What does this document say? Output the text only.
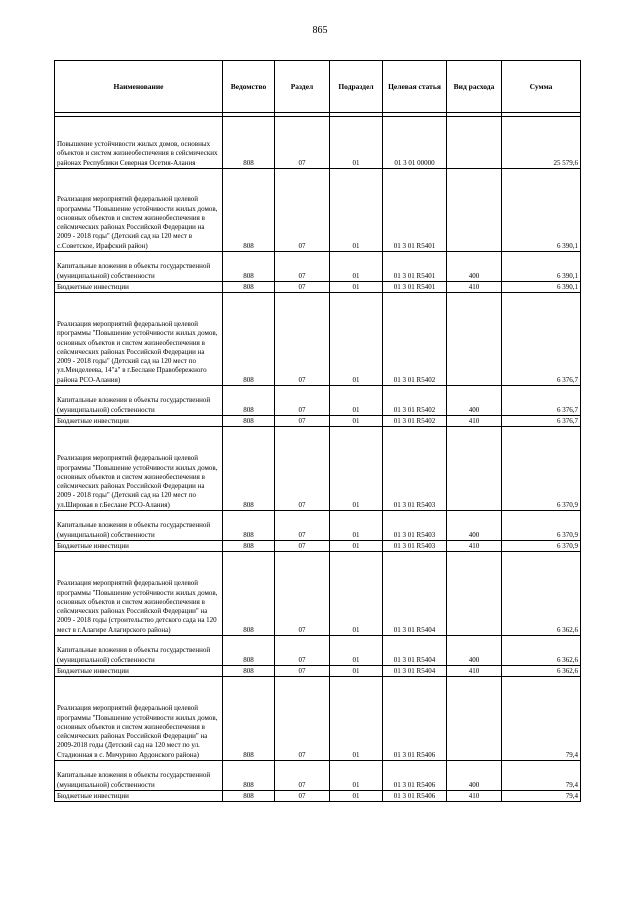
865
Наименование	Ведомство	Раздел	Подраздел	Целевая статья	Вид расхода	Сумма

Повышение устойчивости жилых домов, основных объектов и систем жизнеобеспечения в сейсмических районах Республики Северная Осетия-Алания	808	07	01	01 3 01 00000		25 579,6
Реализация мероприятий федеральной целевой программы "Повышение устойчивости жилых домов, основных объектов и систем жизнеобеспечения в сейсмических районах Российской Федерации на 2009 - 2018 годы" (Детский сад на 120 мест в с.Советское, Ирафский район)	808	07	01	01 3 01 R5401		6 390,1
Капитальные вложения в объекты государственной (муниципальной) собственности	808	07	01	01 3 01 R5401	400	6 390,1
Бюджетные инвестиции	808	07	01	01 3 01 R5401	410	6 390,1
Реализация мероприятий федеральной целевой программы "Повышение устойчивости жилых домов, основных объектов и систем жизнеобеспечения в сейсмических районах Российской Федерации на 2009 - 2018 годы" (Детский сад на 120 мест по ул.Менделеева, 14"а" в г.Беслане Правобережного района РСО-Алания)	808	07	01	01 3 01 R5402		6 376,7
Капитальные вложения в объекты государственной (муниципальной) собственности	808	07	01	01 3 01 R5402	400	6 376,7
Бюджетные инвестиции	808	07	01	01 3 01 R5402	410	6 376,7
Реализация мероприятий федеральной целевой программы "Повышение устойчивости жилых домов, основных объектов и систем жизнеобеспечения в сейсмических районах Российской Федерации на 2009 - 2018 годы" (Детский сад на 120 мест по ул.Широкая в г.Беслане РСО-Алания)	808	07	01	01 3 01 R5403		6 370,9
Капитальные вложения в объекты государственной (муниципальной) собственности	808	07	01	01 3 01 R5403	400	6 370,9
Бюджетные инвестиции	808	07	01	01 3 01 R5403	410	6 370,9
Реализация мероприятий федеральной целевой программы "Повышение устойчивости жилых домов, основных объектов и систем жизнеобеспечения в сейсмических районах Российской Федерации" на 2009 - 2018 годы (строительство детского сада на 120 мест в г.Алагире Алагирского района)	808	07	01	01 3 01 R5404		6 362,6
Капитальные вложения в объекты государственной (муниципальной) собственности	808	07	01	01 3 01 R5404	400	6 362,6
Бюджетные инвестиции	808	07	01	01 3 01 R5404	410	6 362,6
Реализация мероприятий федеральной целевой программы "Повышение устойчивости жилых домов, основных объектов и систем жизнеобеспечения в сейсмических районах Российской Федерации" на 2009-2018 годы (Детский сад на 120 мест по ул. Стадионная в с. Мичурино Ардонского района)	808	07	01	01 3 01 R5406		79,4
Капитальные вложения в объекты государственной (муниципальной) собственности	808	07	01	01 3 01 R5406	400	79,4
Бюджетные инвестиции	808	07	01	01 3 01 R5406	410	79,4
